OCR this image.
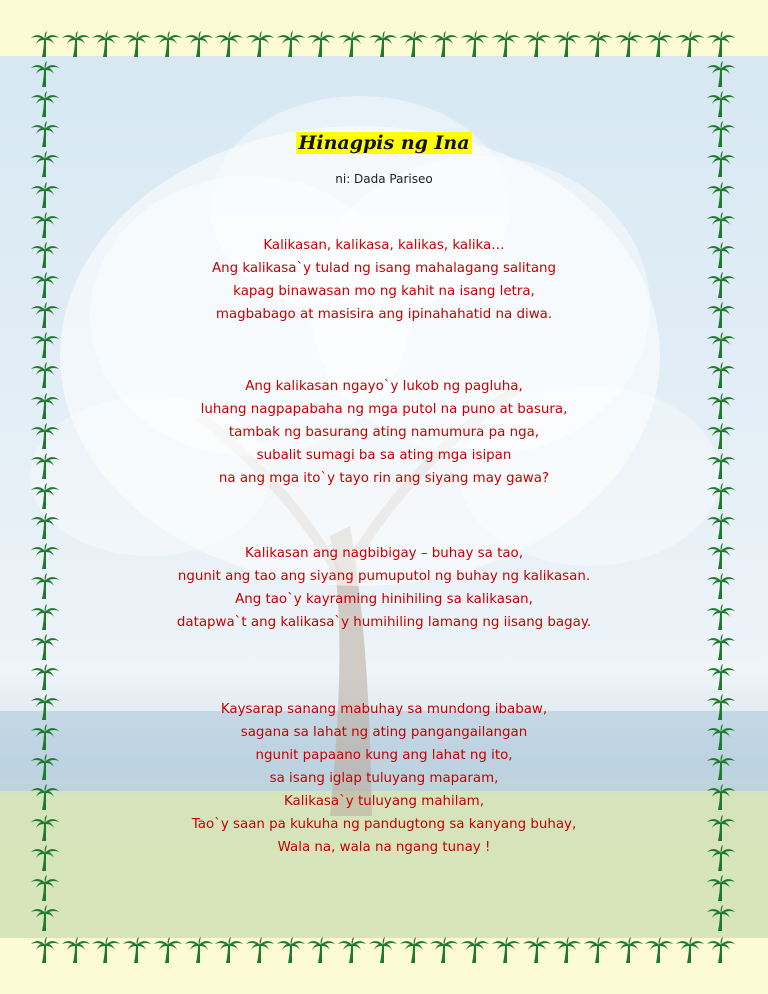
Hinagpis ng Ina
ni: Dada Pariseo
Kalikasan, kalikasa, kalikas, kalika…
Ang kalikasa`y tulad ng isang mahalagang salitang
kapag binawasan mo ng kahit na isang letra,
magbabago at masisira ang ipinahahatid na diwa.
Ang kalikasan ngayo`y lukob ng pagluha,
luhang nagpapabaha ng mga putol na puno at basura,
tambak ng basurang ating namumura pa nga,
subalit sumagi ba sa ating mga isipan
na ang mga ito`y tayo rin ang siyang may gawa?
Kalikasan ang nagbibigay – buhay sa tao,
ngunit ang tao ang siyang pumuputol ng buhay ng kalikasan.
Ang tao`y kayraming hinihiling sa kalikasan,
datapwa`t ang kalikasa`y humihiling lamang ng iisang bagay.
Kaysarap sanang mabuhay sa mundong ibabaw,
sagana sa lahat ng ating pangangailangan
ngunit papaano kung ang lahat ng ito,
sa isang iglap tuluyang maparam,
Kalikasa`y tuluyang mahilam,
Tao`y saan pa kukuha ng pandugtong sa kanyang buhay,
Wala na, wala na ngang tunay !
